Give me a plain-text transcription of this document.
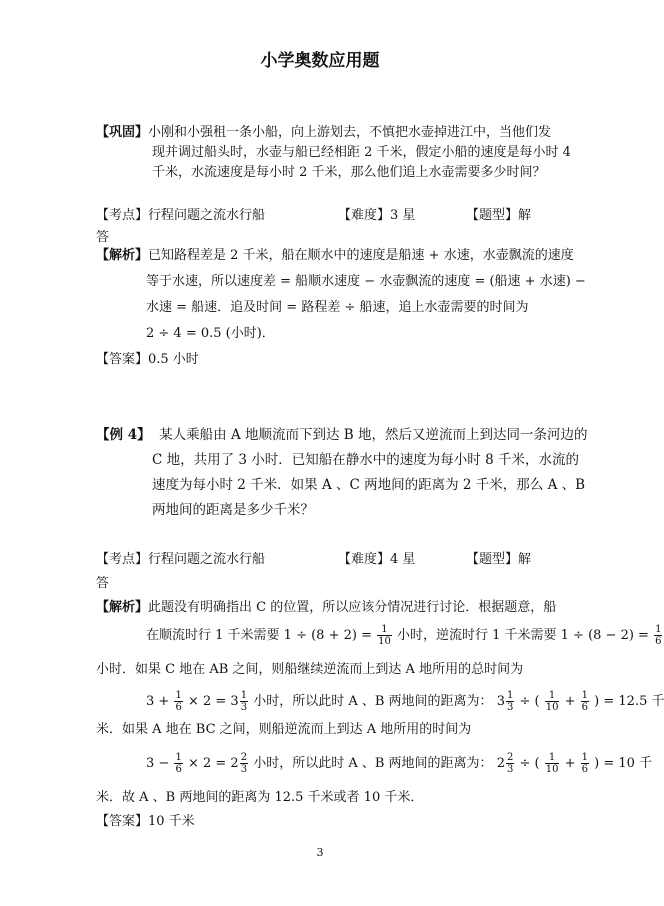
小学奥数应用题
【巩固】小刚和小强租一条小船，向上游划去，不慎把水壶掉进江中，当他们发
现并调过船头时，水壶与船已经相距 2 千米，假定小船的速度是每小时 4
千米，水流速度是每小时 2 千米，那么他们追上水壶需要多少时间？
【考点】行程问题之流水行船	【难度】3 星	【题型】解
答
【解析】已知路程差是 2 千米，船在顺水中的速度是船速 + 水速，水壶飘流的速度
等于水速，所以速度差 = 船顺水速度 − 水壶飘流的速度 = (船速 + 水速) −
水速 = 船速．追及时间 = 路程差 ÷ 船速，追上水壶需要的时间为
2 ÷ 4 = 0.5 (小时)．
【答案】0.5 小时
【例 4】 某人乘船由 A 地顺流而下到达 B 地，然后又逆流而上到达同一条河边的
C 地，共用了 3 小时．已知船在静水中的速度为每小时 8 千米，水流的
速度为每小时 2 千米．如果 A 、C 两地间的距离为 2 千米，那么 A 、B
两地间的距离是多少千米？
【考点】行程问题之流水行船	【难度】4 星	【题型】解
答
【解析】此题没有明确指出 C 的位置，所以应该分情况进行讨论．根据题意，船
在顺流时行 1 千米需要 $1 \div (8 + 2) = \frac{1}{10}$ 小时，逆流时行 1 千米需要 $1 \div (8 - 2) = \frac{1}{6}$
小时．如果 C 地在 AB 之间，则船继续逆流而上到达 A 地所用的总时间为
$3 + \frac{1}{6} \times 2 = 3 \frac{1}{3}$ 小时，所以此时 A 、B 两地间的距离为： $3 \frac{1}{3}$ ÷ ( $\frac{1}{10} + \frac{1}{6}$ ) = 12.5 千
米．如果 A 地在 BC 之间，则船逆流而上到达 A 地所用的时间为
$3 - \frac{1}{6} \times 2 = 2 \frac{2}{3}$ 小时，所以此时 A 、B 两地间的距离为： $2 \frac{2}{3}$ ÷ ( $\frac{1}{10} + \frac{1}{6}$ ) = 10 千
米．故 A 、B 两地间的距离为 12.5 千米或者 10 千米．
【答案】10 千米
3
